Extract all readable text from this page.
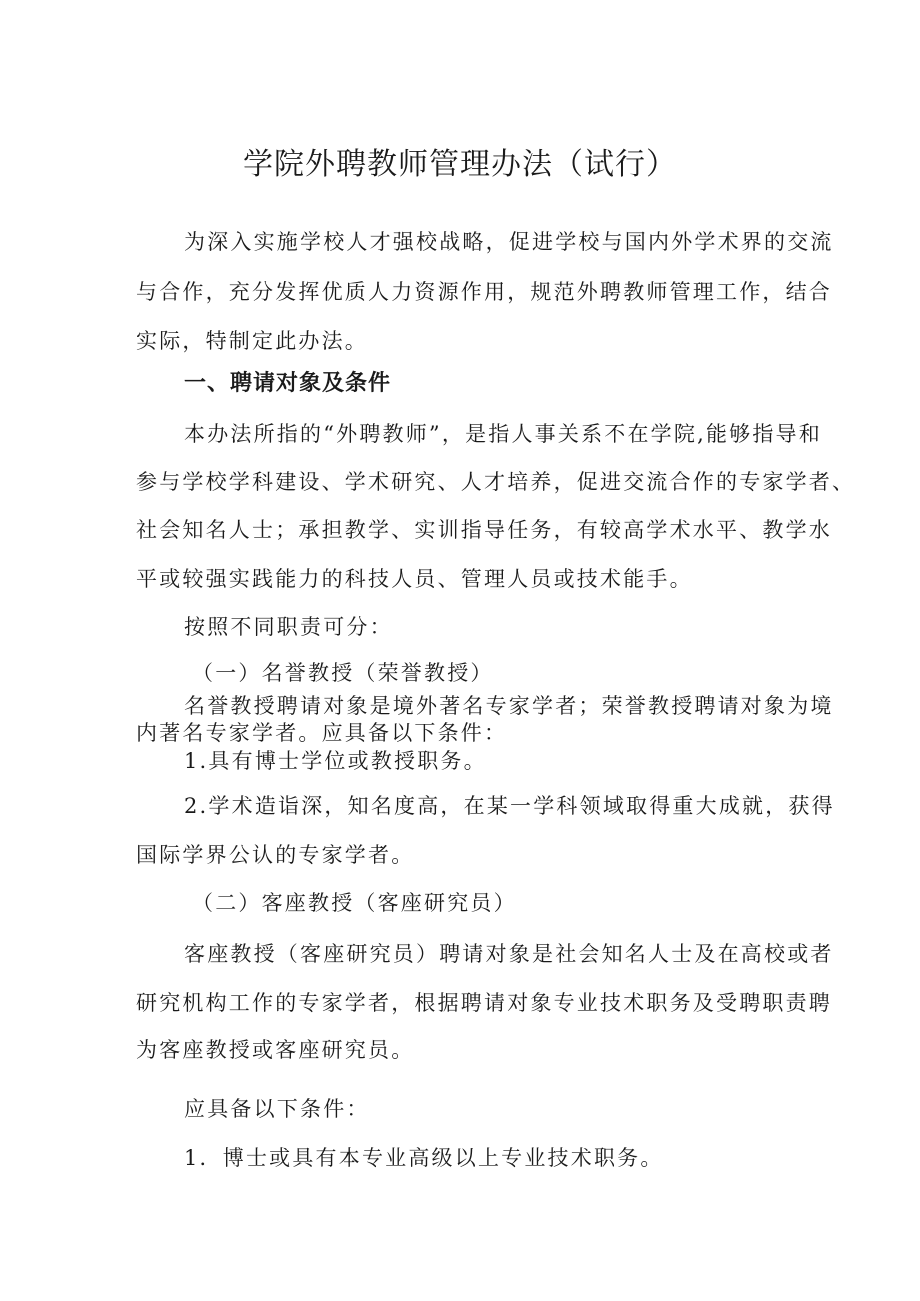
学院外聘教师管理办法（试行）
为深入实施学校人才强校战略，促进学校与国内外学术界的交流
与合作，充分发挥优质人力资源作用，规范外聘教师管理工作，结合
实际，特制定此办法。
一、聘请对象及条件
本办法所指的“外聘教师”，是指人事关系不在学院,能够指导和
参与学校学科建设、学术研究、人才培养，促进交流合作的专家学者、
社会知名人士；承担教学、实训指导任务，有较高学术水平、教学水
平或较强实践能力的科技人员、管理人员或技术能手。
按照不同职责可分：
（一）名誉教授（荣誉教授）
名誉教授聘请对象是境外著名专家学者；荣誉教授聘请对象为境
内著名专家学者。应具备以下条件：
1.具有博士学位或教授职务。
2.学术造诣深，知名度高，在某一学科领域取得重大成就，获得
国际学界公认的专家学者。
（二）客座教授（客座研究员）
客座教授（客座研究员）聘请对象是社会知名人士及在高校或者
研究机构工作的专家学者，根据聘请对象专业技术职务及受聘职责聘
为客座教授或客座研究员。
应具备以下条件：
1．博士或具有本专业高级以上专业技术职务。
